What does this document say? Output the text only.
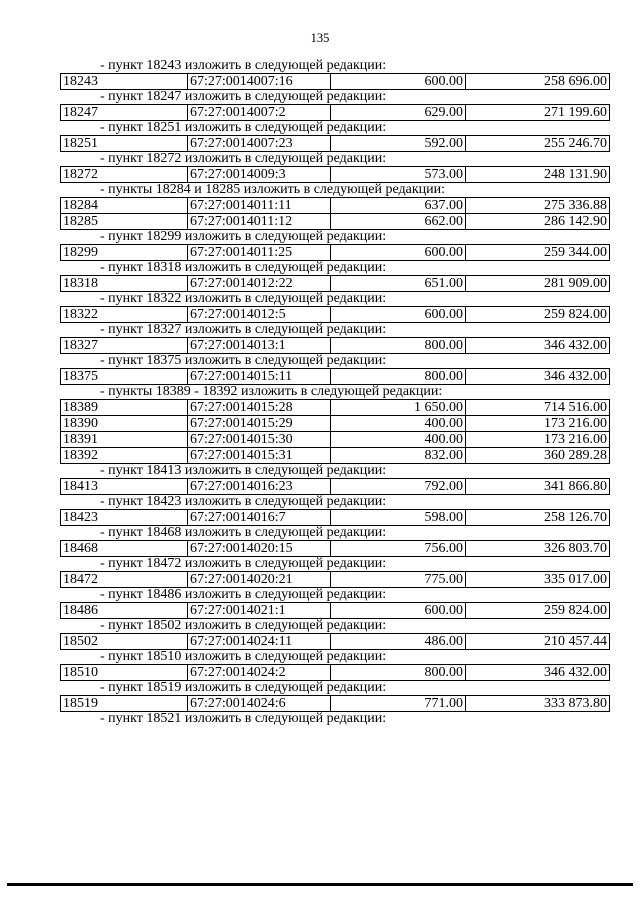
135
- пункт 18243 изложить в следующей редакции:
18243	67:27:0014007:16	600.00	258 696.00
- пункт 18247 изложить в следующей редакции:
18247	67:27:0014007:2	629.00	271 199.60
- пункт 18251 изложить в следующей редакции:
18251	67:27:0014007:23	592.00	255 246.70
- пункт 18272 изложить в следующей редакции:
18272	67:27:0014009:3	573.00	248 131.90
- пункты 18284 и 18285 изложить в следующей редакции:
18284	67:27:0014011:11	637.00	275 336.88
18285	67:27:0014011:12	662.00	286 142.90
- пункт 18299 изложить в следующей редакции:
18299	67:27:0014011:25	600.00	259 344.00
- пункт 18318 изложить в следующей редакции:
18318	67:27:0014012:22	651.00	281 909.00
- пункт 18322 изложить в следующей редакции:
18322	67:27:0014012:5	600.00	259 824.00
- пункт 18327 изложить в следующей редакции:
18327	67:27:0014013:1	800.00	346 432.00
- пункт 18375 изложить в следующей редакции:
18375	67:27:0014015:11	800.00	346 432.00
- пункты 18389 - 18392 изложить в следующей редакции:
18389	67:27:0014015:28	1 650.00	714 516.00
18390	67:27:0014015:29	400.00	173 216.00
18391	67:27:0014015:30	400.00	173 216.00
18392	67:27:0014015:31	832.00	360 289.28
- пункт 18413 изложить в следующей редакции:
18413	67:27:0014016:23	792.00	341 866.80
- пункт 18423 изложить в следующей редакции:
18423	67:27:0014016:7	598.00	258 126.70
- пункт 18468 изложить в следующей редакции:
18468	67:27:0014020:15	756.00	326 803.70
- пункт 18472 изложить в следующей редакции:
18472	67:27:0014020:21	775.00	335 017.00
- пункт 18486 изложить в следующей редакции:
18486	67:27:0014021:1	600.00	259 824.00
- пункт 18502 изложить в следующей редакции:
18502	67:27:0014024:11	486.00	210 457.44
- пункт 18510 изложить в следующей редакции:
18510	67:27:0014024:2	800.00	346 432.00
- пункт 18519 изложить в следующей редакции:
18519	67:27:0014024:6	771.00	333 873.80
- пункт 18521 изложить в следующей редакции:
